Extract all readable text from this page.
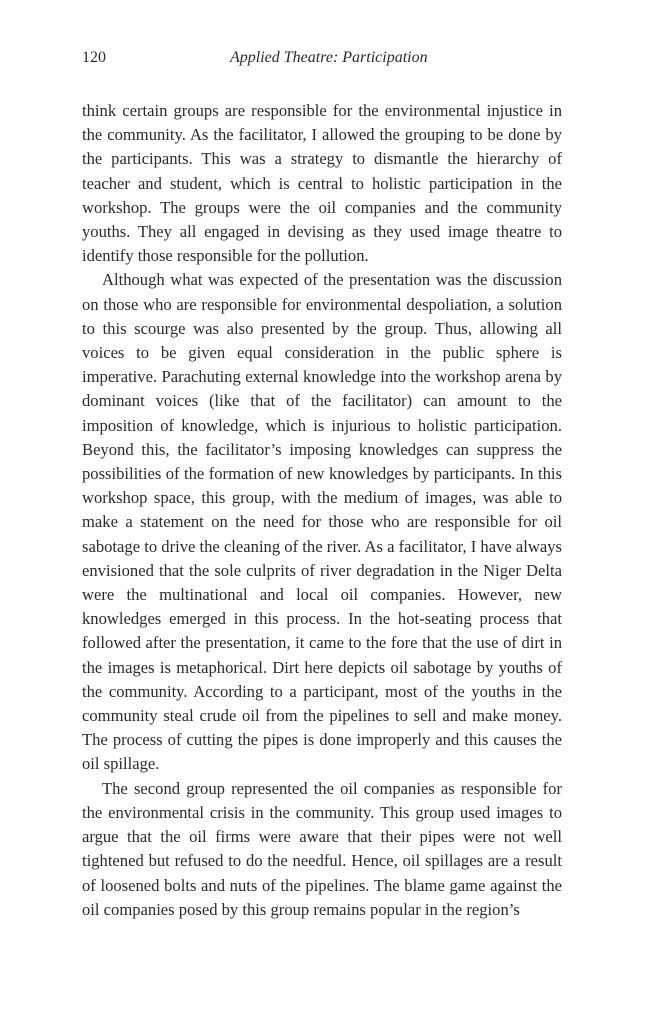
120	Applied Theatre: Participation

think certain groups are responsible for the environmental injustice in the community. As the facilitator, I allowed the grouping to be done by the participants. This was a strategy to dismantle the hierarchy of teacher and student, which is central to holistic participation in the workshop. The groups were the oil companies and the community youths. They all engaged in devising as they used image theatre to identify those responsible for the pollution.

Although what was expected of the presentation was the discussion on those who are responsible for environmental despoliation, a solution to this scourge was also presented by the group. Thus, allowing all voices to be given equal consideration in the public sphere is imperative. Parachuting external knowledge into the workshop arena by dominant voices (like that of the facilitator) can amount to the imposition of knowledge, which is injurious to holistic participation. Beyond this, the facilitator’s imposing knowledges can suppress the possibilities of the formation of new knowledges by participants. In this workshop space, this group, with the medium of images, was able to make a statement on the need for those who are responsible for oil sabotage to drive the cleaning of the river. As a facilitator, I have always envisioned that the sole culprits of river degradation in the Niger Delta were the multinational and local oil companies. However, new knowledges emerged in this process. In the hot-seating process that followed after the presentation, it came to the fore that the use of dirt in the images is metaphorical. Dirt here depicts oil sabotage by youths of the community. According to a participant, most of the youths in the community steal crude oil from the pipelines to sell and make money. The process of cutting the pipes is done improperly and this causes the oil spillage.

The second group represented the oil companies as responsible for the environmental crisis in the community. This group used images to argue that the oil firms were aware that their pipes were not well tightened but refused to do the needful. Hence, oil spillages are a result of loosened bolts and nuts of the pipelines. The blame game against the oil companies posed by this group remains popular in the region’s
